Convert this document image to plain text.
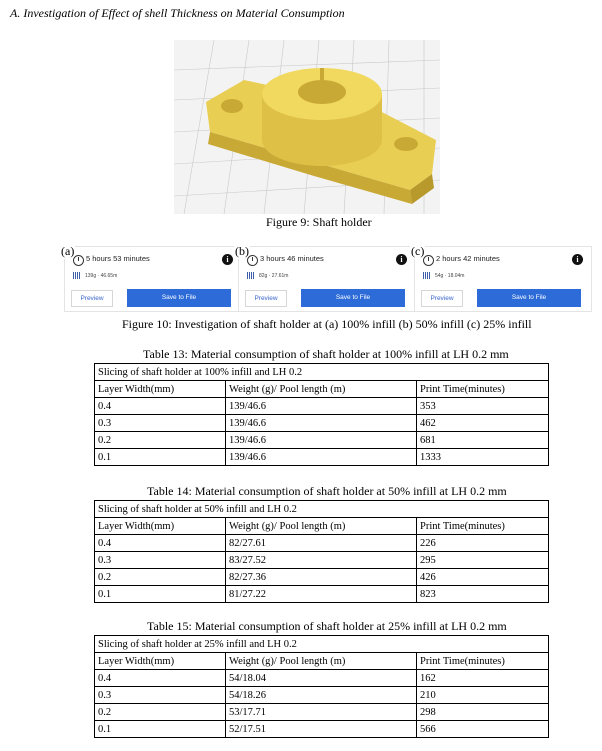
A. Investigation of Effect of shell Thickness on Material Consumption
Figure 9: Shaft holder
(a)
5 hours 53 minutes	i
139g · 46.65m
Preview	Save to File
(b)
3 hours 46 minutes	i
82g · 27.61m
Preview	Save to File
(c)
2 hours 42 minutes	i
54g · 18.04m
Preview	Save to File
Figure 10: Investigation of shaft holder at (a) 100% infill (b) 50% infill (c) 25% infill
Table 13: Material consumption of shaft holder at 100% infill at LH 0.2 mm
Slicing of shaft holder at 100% infill and LH 0.2		
Layer Width(mm)	Weight (g)/ Pool length (m)	Print Time(minutes)
0.4	139/46.6	353
0.3	139/46.6	462
0.2	139/46.6	681
0.1	139/46.6	1333
Table 14: Material consumption of shaft holder at 50% infill at LH 0.2 mm
Slicing of shaft holder at 50% infill and LH 0.2		
Layer Width(mm)	Weight (g)/ Pool length (m)	Print Time(minutes)
0.4	82/27.61	226
0.3	83/27.52	295
0.2	82/27.36	426
0.1	81/27.22	823
Table 15: Material consumption of shaft holder at 25% infill at LH 0.2 mm
Slicing of shaft holder at 25% infill and LH 0.2		
Layer Width(mm)	Weight (g)/ Pool length (m)	Print Time(minutes)
0.4	54/18.04	162
0.3	54/18.26	210
0.2	53/17.71	298
0.1	52/17.51	566
